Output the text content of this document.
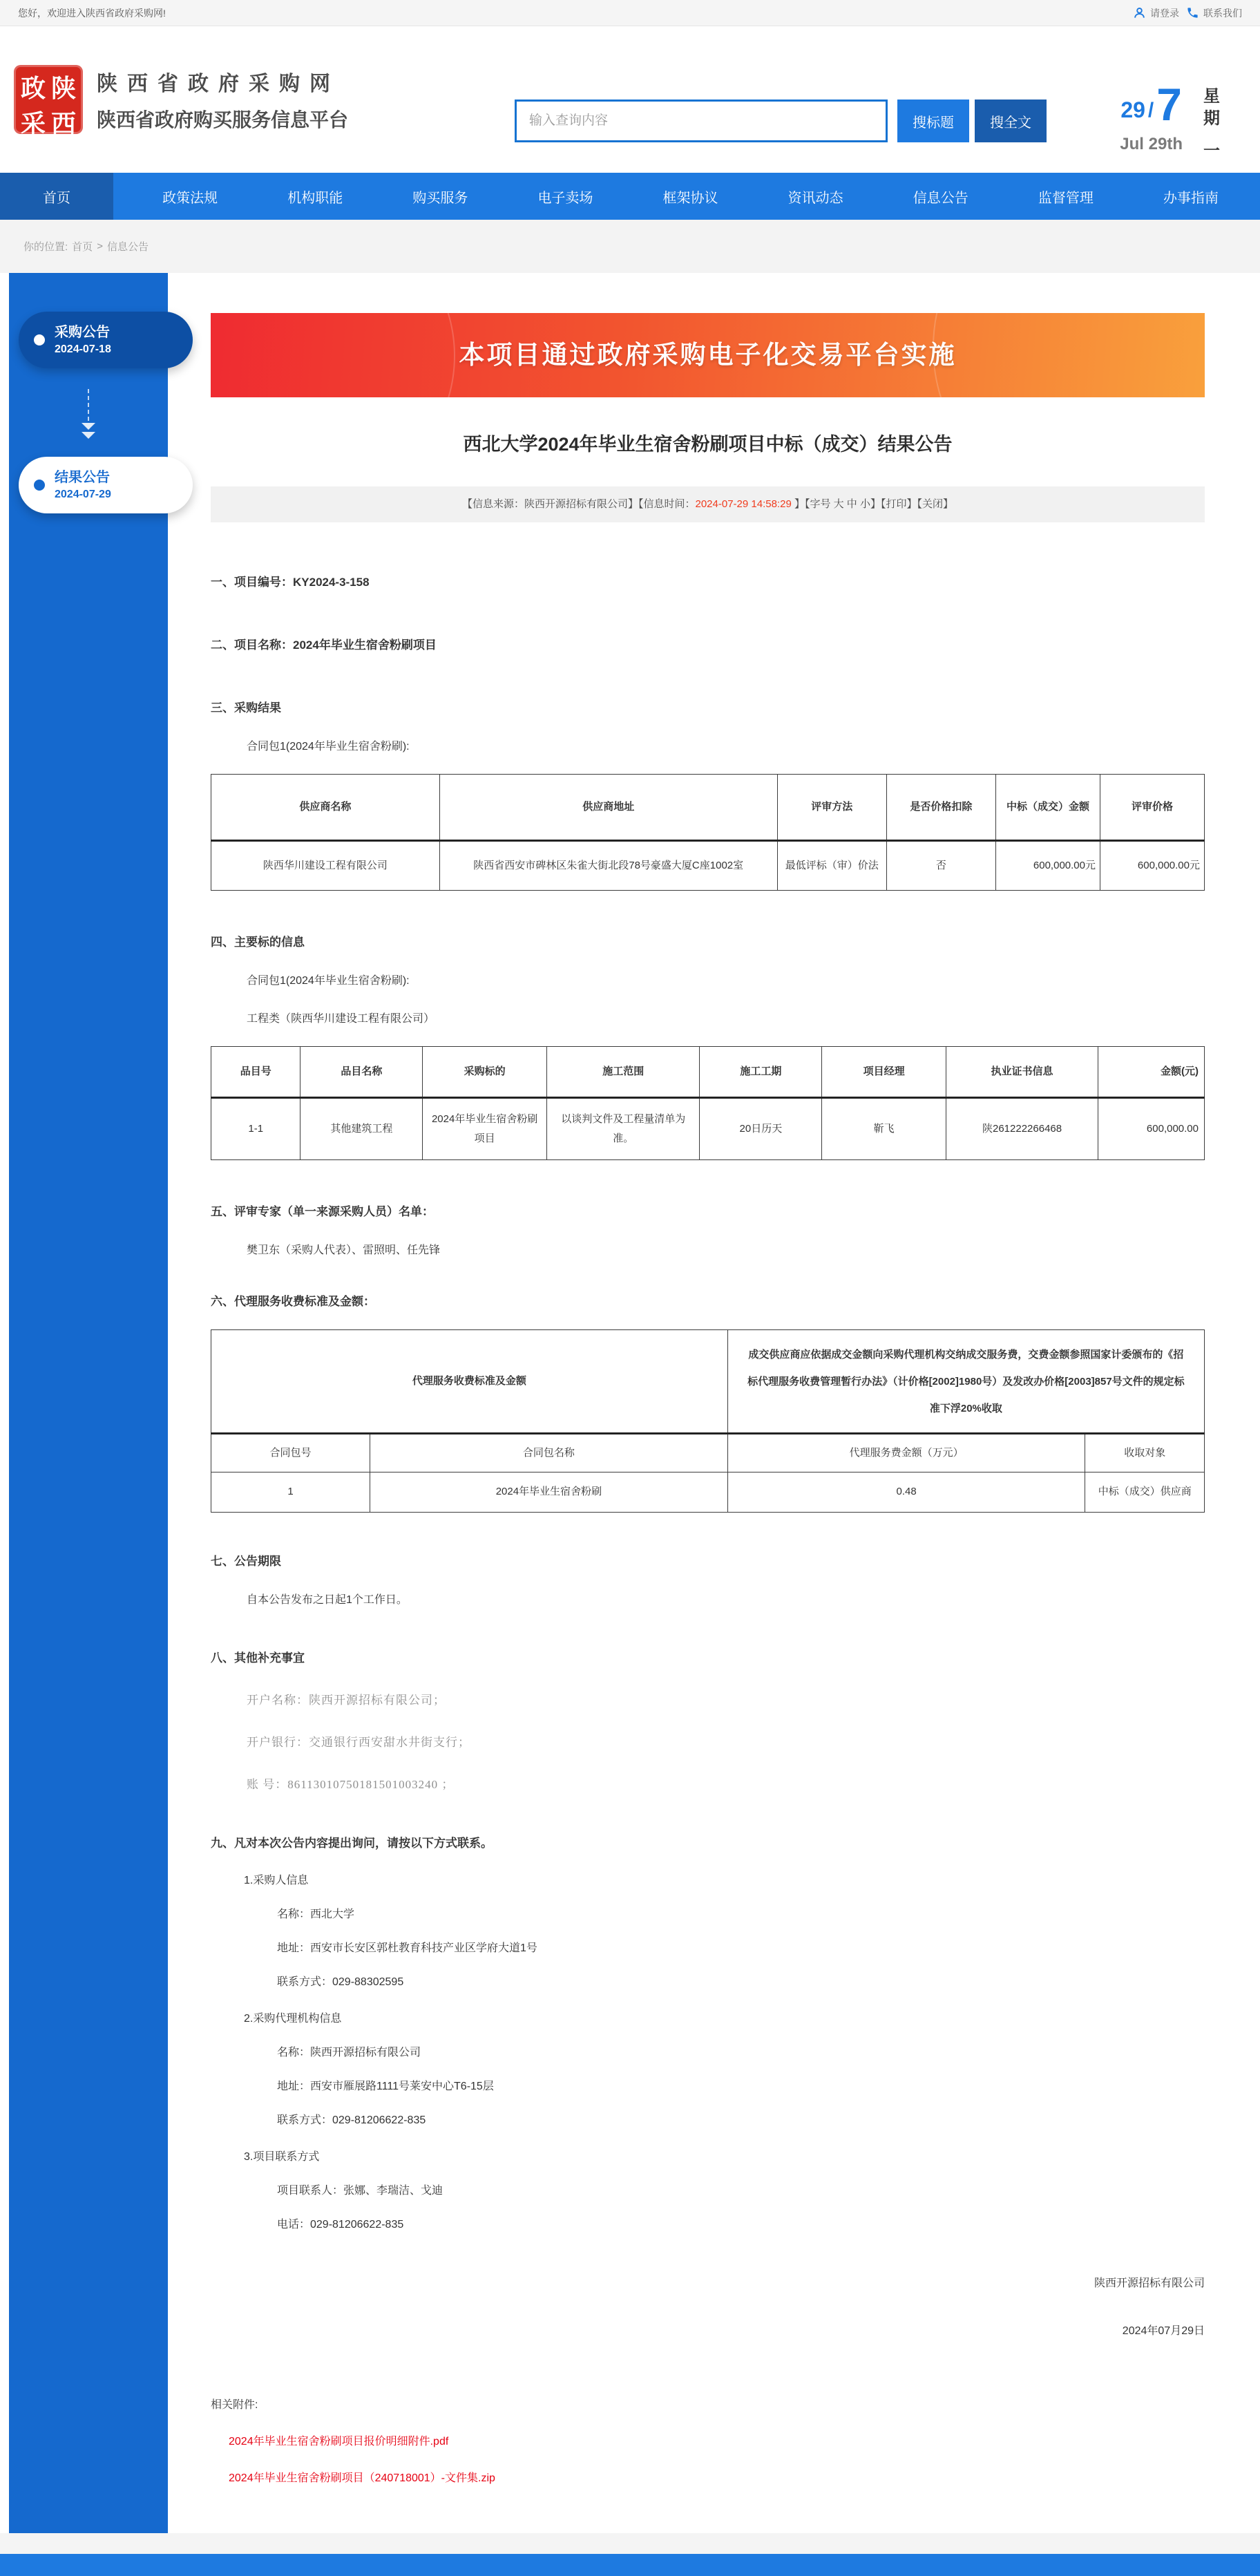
您好，欢迎进入陕西省政府采购网!	请登录	联系我们
政 陕
采 西
陕西省政府采购网
陕西省政府购买服务信息平台
输入查询内容	搜标题	搜全文
29 / 7
Jul 29th
星
期
一
首页	政策法规	机构职能	购买服务	电子卖场	框架协议	资讯动态	信息公告	监督管理	办事指南
你的位置: 首页 > 信息公告
采购公告
2024-07-18
结果公告
2024-07-29
本项目通过政府采购电子化交易平台实施
西北大学2024年毕业生宿舍粉刷项目中标（成交）结果公告
【信息来源：陕西开源招标有限公司】【信息时间：2024-07-29 14:58:29 】【字号 大 中 小】【打印】【关闭】
一、项目编号：KY2024-3-158
二、项目名称：2024年毕业生宿舍粉刷项目
三、采购结果
合同包1(2024年毕业生宿舍粉刷):
供应商名称	供应商地址	评审方法	是否价格扣除	中标（成交）金额	评审价格
陕西华川建设工程有限公司	陕西省西安市碑林区朱雀大街北段78号豪盛大厦C座1002室	最低评标（审）价法	否	600,000.00元	600,000.00元
四、主要标的信息
合同包1(2024年毕业生宿舍粉刷):
工程类（陕西华川建设工程有限公司）
品目号	品目名称	采购标的	施工范围	施工工期	项目经理	执业证书信息	金额(元)
1-1	其他建筑工程	2024年毕业生宿舍粉刷项目	以谈判文件及工程量清单为准。	20日历天	靳飞	陕261222266468	600,000.00
五、评审专家（单一来源采购人员）名单：
樊卫东（采购人代表）、雷照明、任先锋
六、代理服务收费标准及金额：
代理服务收费标准及金额		成交供应商应依据成交金额向采购代理机构交纳成交服务费，交费金额参照国家计委颁布的《招标代理服务收费管理暂行办法》（计价格[2002]1980号）及发改办价格[2003]857号文件的规定标准下浮20%收取	
合同包号	合同包名称	代理服务费金额（万元）	收取对象
1	2024年毕业生宿舍粉刷	0.48	中标（成交）供应商
七、公告期限
自本公告发布之日起1个工作日。
八、其他补充事宜
开户名称：陕西开源招标有限公司；
开户银行：交通银行西安甜水井街支行；
账 号：86113010750181501003240 ；
九、凡对本次公告内容提出询问，请按以下方式联系。
1.采购人信息
名称：西北大学
地址：西安市长安区郭杜教育科技产业区学府大道1号
联系方式：029-88302595
2.采购代理机构信息
名称：陕西开源招标有限公司
地址：西安市雁展路1111号莱安中心T6-15层
联系方式：029-81206622-835
3.项目联系方式
项目联系人：张娜、李瑞洁、戈迪
电话：029-81206622-835
陕西开源招标有限公司
2024年07月29日
相关附件:
2024年毕业生宿舍粉刷项目报价明细附件.pdf
2024年毕业生宿舍粉刷项目（240718001）-文件集.zip
